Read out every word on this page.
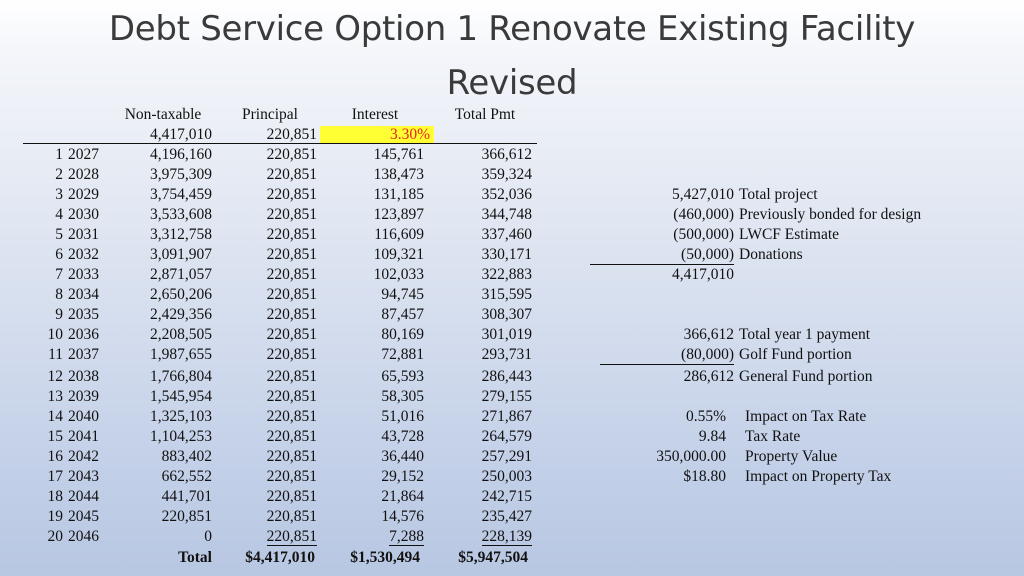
Debt Service Option 1 Renovate Existing Facility
Revised
Non-taxable	Principal	Interest	Total Pmt
4,417,010	220,851	3.30%
1 2027	4,196,160	220,851	145,761	366,612
2 2028	3,975,309	220,851	138,473	359,324
3 2029	3,754,459	220,851	131,185	352,036
4 2030	3,533,608	220,851	123,897	344,748
5 2031	3,312,758	220,851	116,609	337,460
6 2032	3,091,907	220,851	109,321	330,171
7 2033	2,871,057	220,851	102,033	322,883
8 2034	2,650,206	220,851	94,745	315,595
9 2035	2,429,356	220,851	87,457	308,307
10 2036	2,208,505	220,851	80,169	301,019
11 2037	1,987,655	220,851	72,881	293,731
12 2038	1,766,804	220,851	65,593	286,443
13 2039	1,545,954	220,851	58,305	279,155
14 2040	1,325,103	220,851	51,016	271,867
15 2041	1,104,253	220,851	43,728	264,579
16 2042	883,402	220,851	36,440	257,291
17 2043	662,552	220,851	29,152	250,003
18 2044	441,701	220,851	21,864	242,715
19 2045	220,851	220,851	14,576	235,427
20 2046	0	220,851	7,288	228,139
Total	$4,417,010	$1,530,494	$5,947,504
5,427,010 Total project
(460,000) Previously bonded for design
(500,000) LWCF Estimate
(50,000) Donations
4,417,010
366,612 Total year 1 payment
(80,000) Golf Fund portion
286,612 General Fund portion
0.55% Impact on Tax Rate
9.84 Tax Rate
350,000.00 Property Value
$18.80 Impact on Property Tax
